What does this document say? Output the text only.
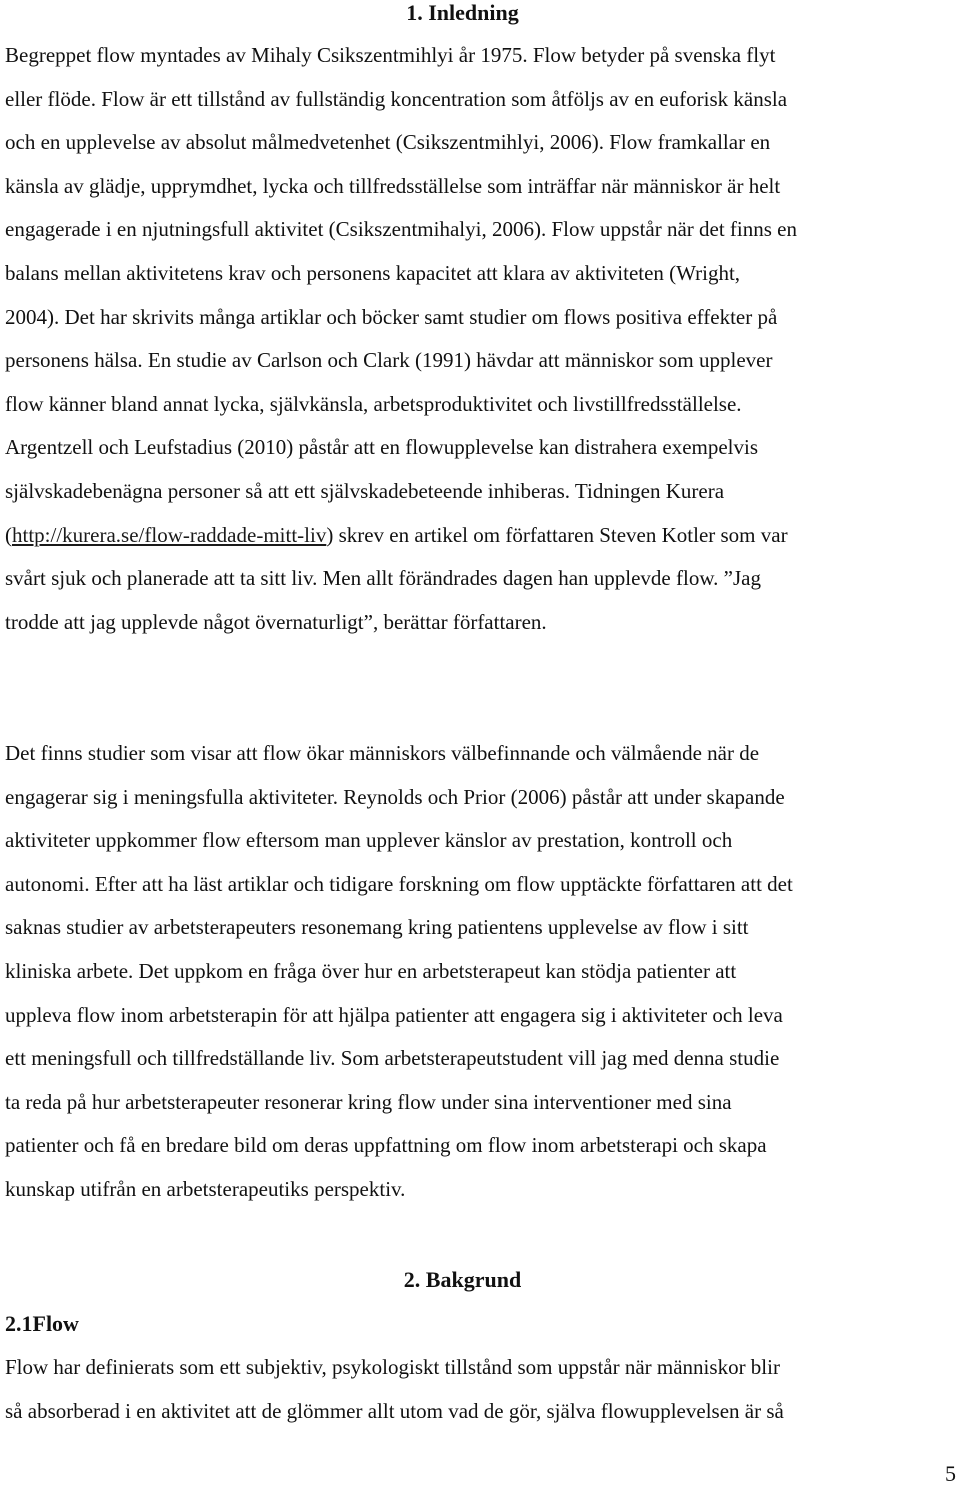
1. Inledning

Begreppet flow myntades av Mihaly Csikszentmihlyi år 1975. Flow betyder på svenska flyt

eller flöde. Flow är ett tillstånd av fullständig koncentration som åtföljs av en euforisk känsla

och en upplevelse av absolut målmedvetenhet (Csikszentmihlyi, 2006). Flow framkallar en

känsla av glädje, upprymdhet, lycka och tillfredsställelse som inträffar när människor är helt

engagerade i en njutningsfull aktivitet (Csikszentmihalyi, 2006). Flow uppstår när det finns en

balans mellan aktivitetens krav och personens kapacitet att klara av aktiviteten (Wright,

2004). Det har skrivits många artiklar och böcker samt studier om flows positiva effekter på

personens hälsa. En studie av Carlson och Clark (1991) hävdar att människor som upplever

flow känner bland annat lycka, självkänsla, arbetsproduktivitet och livstillfredsställelse.

Argentzell och Leufstadius (2010) påstår att en flowupplevelse kan distrahera exempelvis

självskadebenägna personer så att ett självskadebeteende inhiberas. Tidningen Kurera

(http://kurera.se/flow-raddade-mitt-liv) skrev en artikel om författaren Steven Kotler som var

svårt sjuk och planerade att ta sitt liv. Men allt förändrades dagen han upplevde flow. ”Jag

trodde att jag upplevde något övernaturligt”, berättar författaren.

Det finns studier som visar att flow ökar människors välbefinnande och välmående när de

engagerar sig i meningsfulla aktiviteter. Reynolds och Prior (2006) påstår att under skapande

aktiviteter uppkommer flow eftersom man upplever känslor av prestation, kontroll och

autonomi. Efter att ha läst artiklar och tidigare forskning om flow upptäckte författaren att det

saknas studier av arbetsterapeuters resonemang kring patientens upplevelse av flow i sitt

kliniska arbete. Det uppkom en fråga över hur en arbetsterapeut kan stödja patienter att

uppleva flow inom arbetsterapin för att hjälpa patienter att engagera sig i aktiviteter och leva

ett meningsfull och tillfredställande liv. Som arbetsterapeutstudent vill jag med denna studie

ta reda på hur arbetsterapeuter resonerar kring flow under sina interventioner med sina

patienter och få en bredare bild om deras uppfattning om flow inom arbetsterapi och skapa

kunskap utifrån en arbetsterapeutiks perspektiv.

2. Bakgrund
2.1Flow

Flow har definierats som ett subjektiv, psykologiskt tillstånd som uppstår när människor blir

så absorberad i en aktivitet att de glömmer allt utom vad de gör, själva flowupplevelsen är så

5
